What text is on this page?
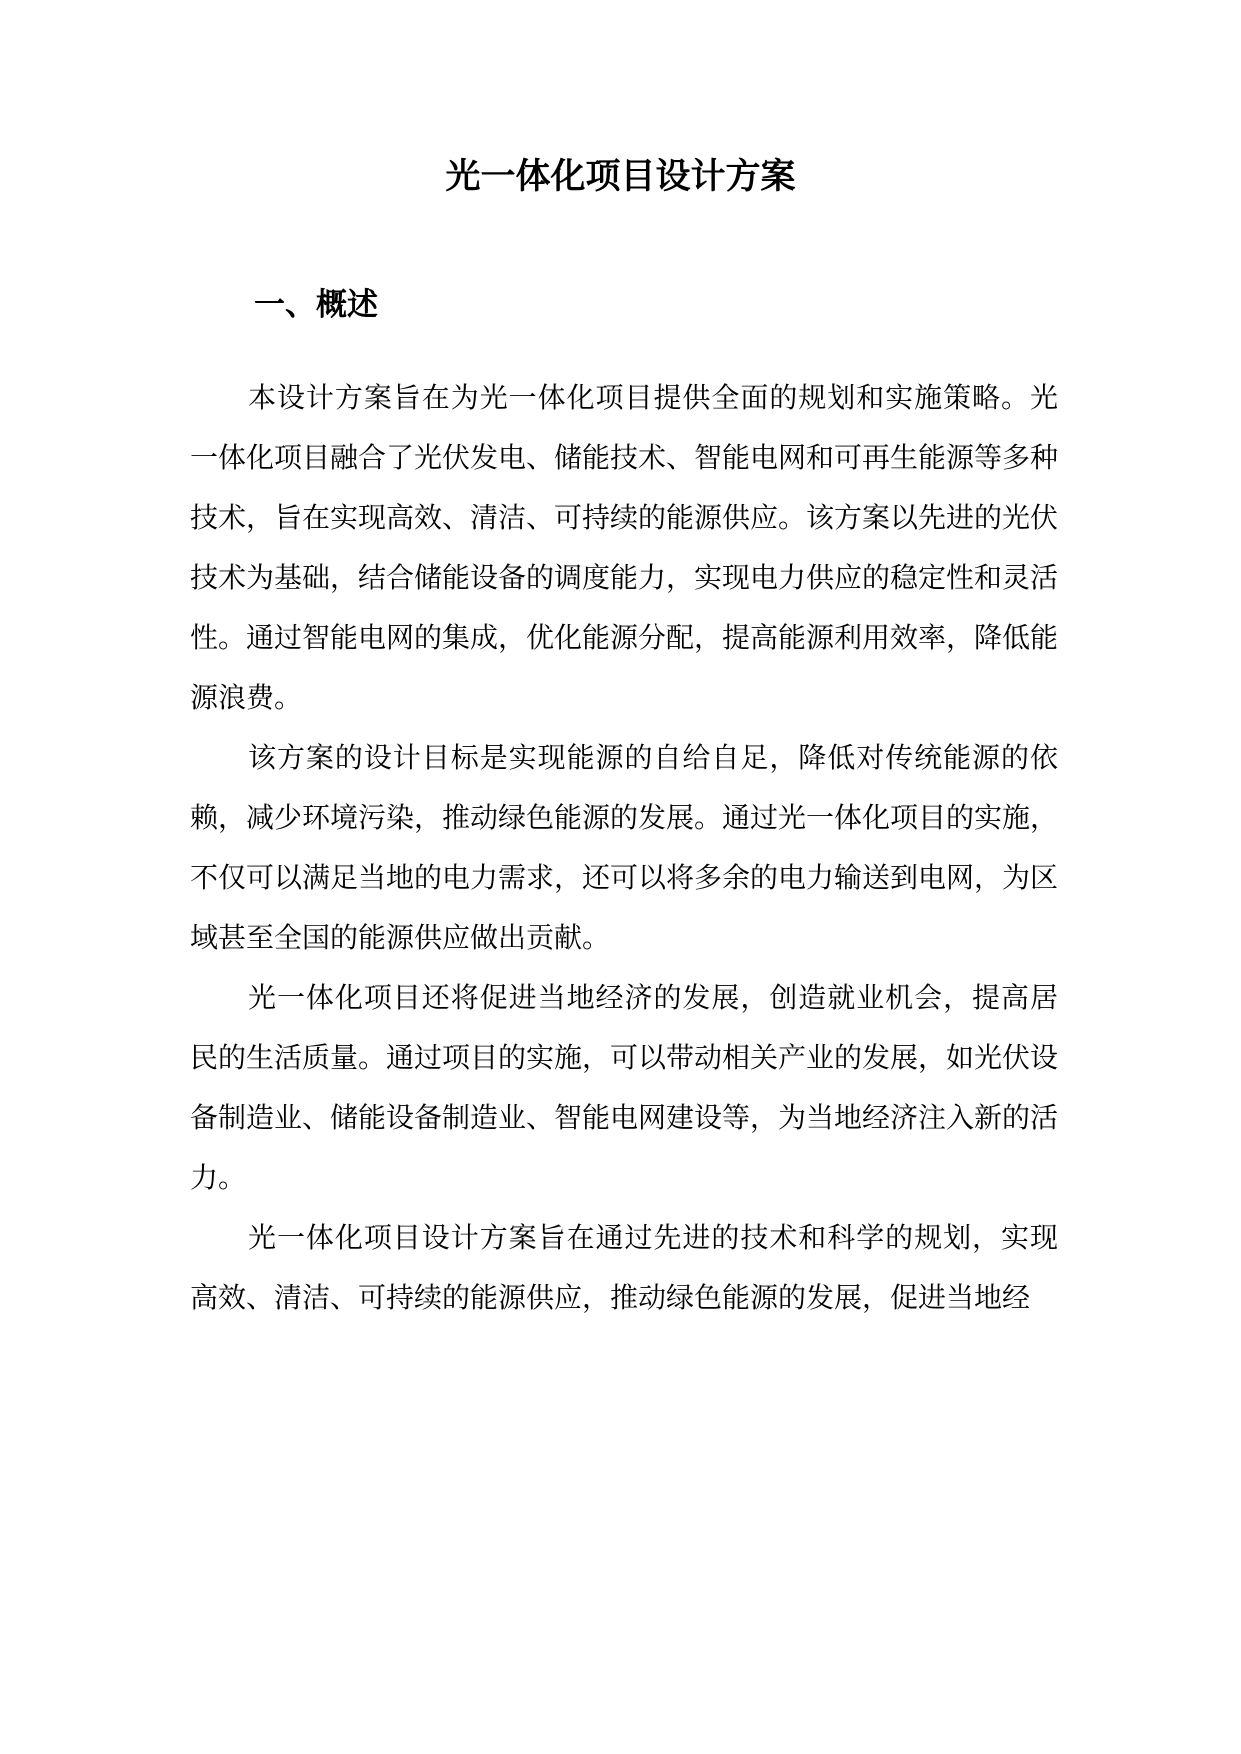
光一体化项目设计方案
一、概述

本设计方案旨在为光一体化项目提供全面的规划和实施策略。光一体化项目融合了光伏发电、储能技术、智能电网和可再生能源等多种技术，旨在实现高效、清洁、可持续的能源供应。该方案以先进的光伏技术为基础，结合储能设备的调度能力，实现电力供应的稳定性和灵活性。通过智能电网的集成，优化能源分配，提高能源利用效率，降低能源浪费。

该方案的设计目标是实现能源的自给自足，降低对传统能源的依赖，减少环境污染，推动绿色能源的发展。通过光一体化项目的实施，不仅可以满足当地的电力需求，还可以将多余的电力输送到电网，为区域甚至全国的能源供应做出贡献。

光一体化项目还将促进当地经济的发展，创造就业机会，提高居民的生活质量。通过项目的实施，可以带动相关产业的发展，如光伏设备制造业、储能设备制造业、智能电网建设等，为当地经济注入新的活力。

光一体化项目设计方案旨在通过先进的技术和科学的规划，实现高效、清洁、可持续的能源供应，推动绿色能源的发展，促进当地经
